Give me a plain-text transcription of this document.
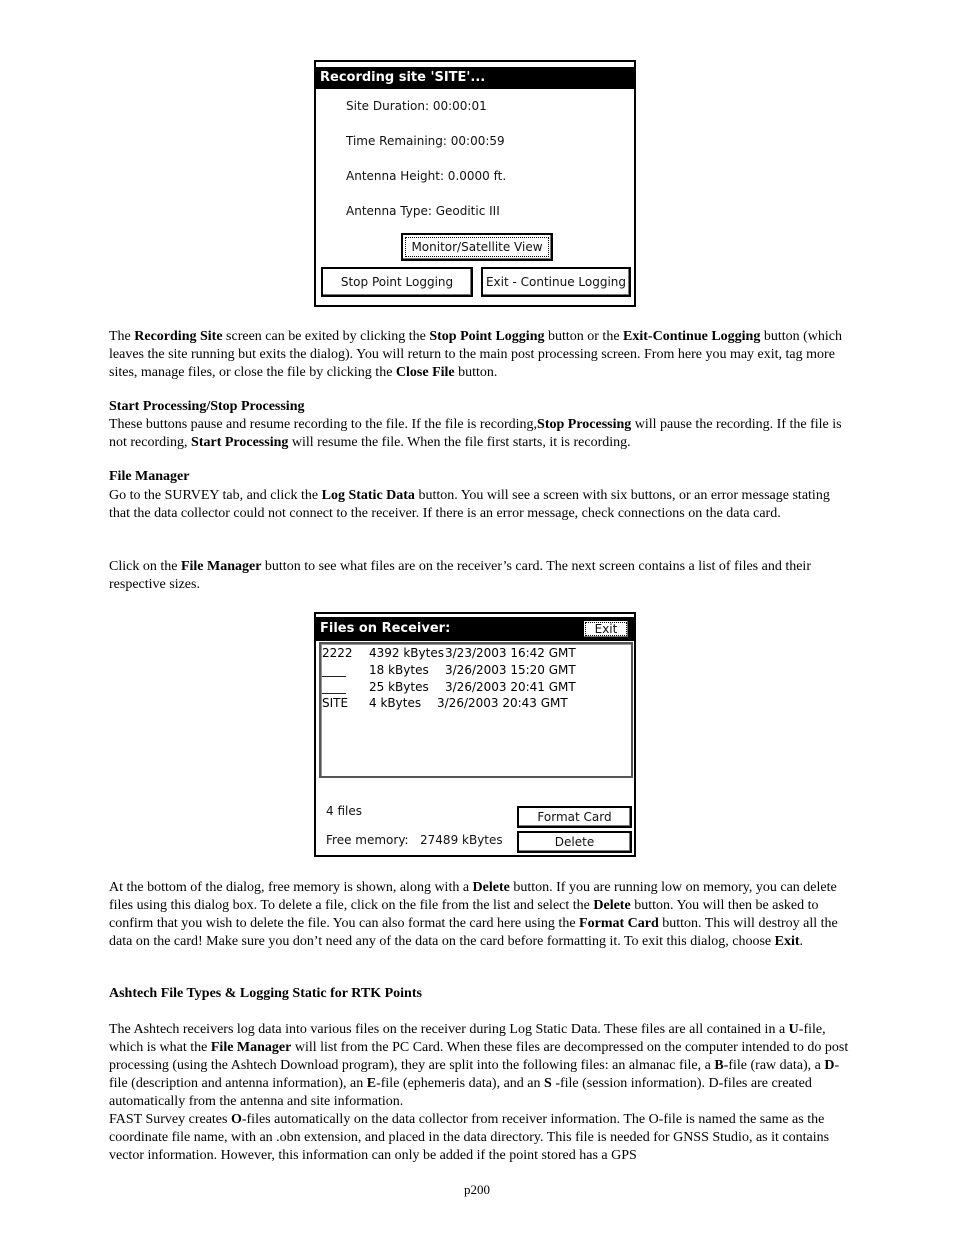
Recording site 'SITE'...
Site Duration: 00:00:01
Time Remaining: 00:00:59
Antenna Height: 0.0000 ft.
Antenna Type: Geoditic III
Monitor/Satellite View
Stop Point Logging	Exit - Continue Logging
The Recording Site screen can be exited by clicking the Stop Point Logging button or the Exit-Continue Logging button (which leaves the site running but exits the dialog). You will return to the main post processing screen. From here you may exit, tag more sites, manage files, or close the file by clicking the Close File button.
Start Processing/Stop Processing
These buttons pause and resume recording to the file. If the file is recording,Stop Processing will pause the recording. If the file is not recording, Start Processing will resume the file. When the file first starts, it is recording.
File Manager
Go to the SURVEY tab, and click the Log Static Data button. You will see a screen with six buttons, or an error message stating that the data collector could not connect to the receiver. If there is an error message, check connections on the data card.
Click on the File Manager button to see what files are on the receiver’s card. The next screen contains a list of files and their respective sizes.
Files on Receiver:	Exit
2222 4392 kBytes 3/23/2003 16:42 GMT
____ 18 kBytes 3/26/2003 15:20 GMT
____ 25 kBytes 3/26/2003 20:41 GMT
SITE 4 kBytes 3/26/2003 20:43 GMT
4 files
Free memory:   27489 kBytes
Format Card
Delete
At the bottom of the dialog, free memory is shown, along with a Delete button. If you are running low on memory, you can delete files using this dialog box. To delete a file, click on the file from the list and select the Delete button. You will then be asked to confirm that you wish to delete the file. You can also format the card here using the Format Card button. This will destroy all the data on the card! Make sure you don’t need any of the data on the card before formatting it. To exit this dialog, choose Exit.
Ashtech File Types & Logging Static for RTK Points
The Ashtech receivers log data into various files on the receiver during Log Static Data. These files are all contained in a U-file, which is what the File Manager will list from the PC Card. When these files are decompressed on the computer intended to do post processing (using the Ashtech Download program), they are split into the following files: an almanac file, a B-file (raw data), a D-file (description and antenna information), an E-file (ephemeris data), and an S -file (session information). D-files are created automatically from the antenna and site information.
FAST Survey creates O-files automatically on the data collector from receiver information. The O-file is named the same as the coordinate file name, with an .obn extension, and placed in the data directory. This file is needed for GNSS Studio, as it contains vector information. However, this information can only be added if the point stored has a GPS
p200
